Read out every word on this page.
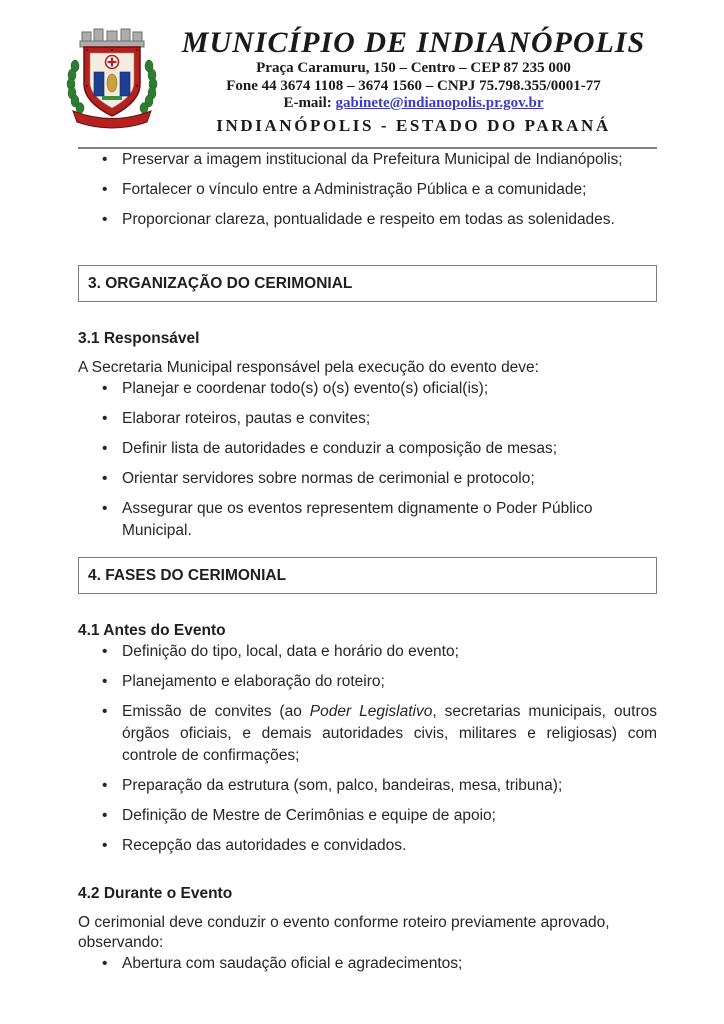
MUNICÍPIO DE INDIANÓPOLIS
Praça Caramuru, 150 – Centro – CEP 87 235 000
Fone 44 3674 1108 – 3674 1560 – CNPJ 75.798.355/0001-77
E-mail: gabinete@indianopolis.pr.gov.br
INDIANÓPOLIS - ESTADO DO PARANÁ
• Preservar a imagem institucional da Prefeitura Municipal de Indianópolis;
• Fortalecer o vínculo entre a Administração Pública e a comunidade;
• Proporcionar clareza, pontualidade e respeito em todas as solenidades.
3. ORGANIZAÇÃO DO CERIMONIAL
3.1 Responsável
A Secretaria Municipal responsável pela execução do evento deve:
• Planejar e coordenar todo(s) o(s) evento(s) oficial(is);
• Elaborar roteiros, pautas e convites;
• Definir lista de autoridades e conduzir a composição de mesas;
• Orientar servidores sobre normas de cerimonial e protocolo;
• Assegurar que os eventos representem dignamente o Poder Público Municipal.
4. FASES DO CERIMONIAL
4.1 Antes do Evento
• Definição do tipo, local, data e horário do evento;
• Planejamento e elaboração do roteiro;
• Emissão de convites (ao Poder Legislativo, secretarias municipais, outros órgãos oficiais, e demais autoridades civis, militares e religiosas) com controle de confirmações;
• Preparação da estrutura (som, palco, bandeiras, mesa, tribuna);
• Definição de Mestre de Cerimônias e equipe de apoio;
• Recepção das autoridades e convidados.
4.2 Durante o Evento
O cerimonial deve conduzir o evento conforme roteiro previamente aprovado, observando:
• Abertura com saudação oficial e agradecimentos;
